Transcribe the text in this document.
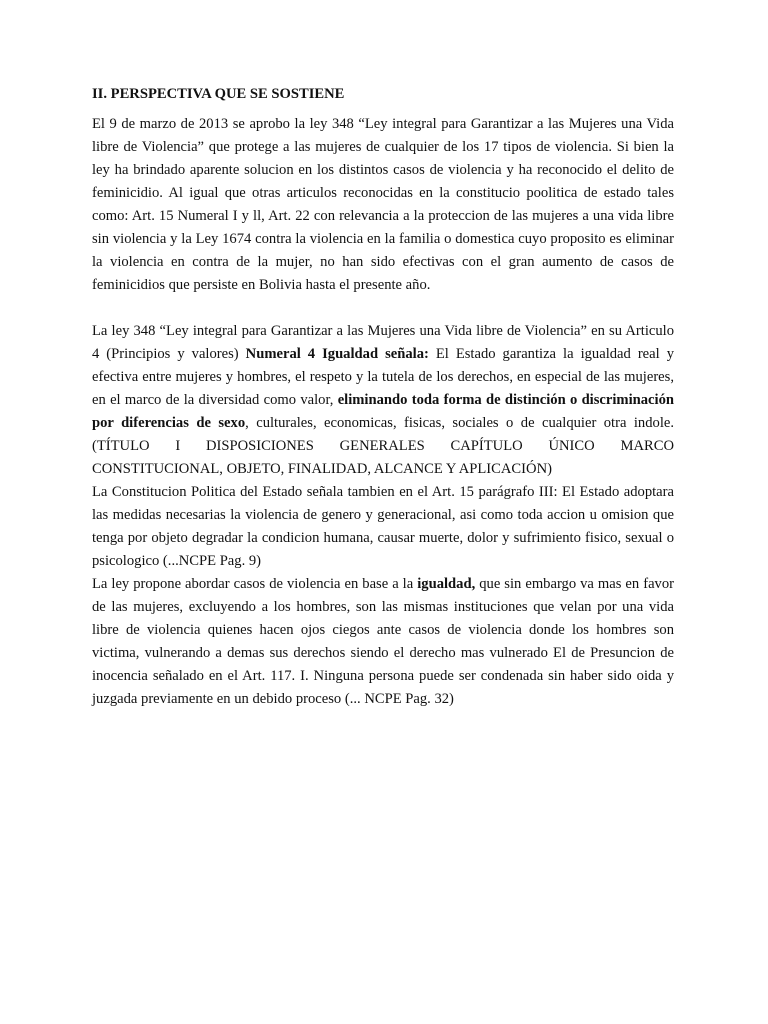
II. PERSPECTIVA QUE SE SOSTIENE

El 9 de marzo de 2013 se aprobo la ley 348 “Ley integral para Garantizar a las Mujeres una Vida libre de Violencia” que protege a las mujeres de cualquier de los 17 tipos de violencia. Si bien la ley ha brindado aparente solucion en los distintos casos de violencia y ha reconocido el delito de feminicidio. Al igual que otras articulos reconocidas en la constitucio poolitica de estado tales como: Art. 15 Numeral I y ll, Art. 22 con relevancia a la proteccion de las mujeres a una vida libre sin violencia y la Ley 1674 contra la violencia en la familia o domestica cuyo proposito es eliminar la violencia en contra de la mujer, no han sido efectivas con el gran aumento de casos de feminicidios que persiste en Bolivia hasta el presente año.

La ley 348 “Ley integral para Garantizar a las Mujeres una Vida libre de Violencia” en su Articulo 4 (Principios y valores) Numeral 4 Igualdad señala: El Estado garantiza la igualdad real y efectiva entre mujeres y hombres, el respeto y la tutela de los derechos, en especial de las mujeres, en el marco de la diversidad como valor, eliminando toda forma de distinción o discriminación por diferencias de sexo, culturales, economicas, fisicas, sociales o de cualquier otra indole. (TÍTULO I DISPOSICIONES GENERALES CAPÍTULO ÚNICO MARCO CONSTITUCIONAL, OBJETO, FINALIDAD, ALCANCE Y APLICACIÓN)

La Constitucion Politica del Estado señala tambien en el Art. 15 parágrafo III: El Estado adoptara las medidas necesarias la violencia de genero y generacional, asi como toda accion u omision que tenga por objeto degradar la condicion humana, causar muerte, dolor y sufrimiento fisico, sexual o psicologico (...NCPE Pag. 9)

La ley propone abordar casos de violencia en base a la igualdad, que sin embargo va mas en favor de las mujeres, excluyendo a los hombres, son las mismas instituciones que velan por una vida libre de violencia quienes hacen ojos ciegos ante casos de violencia donde los hombres son victima, vulnerando a demas sus derechos siendo el derecho mas vulnerado El de Presuncion de inocencia señalado en el Art. 117. I. Ninguna persona puede ser condenada sin haber sido oida y juzgada previamente en un debido proceso (... NCPE Pag. 32)
